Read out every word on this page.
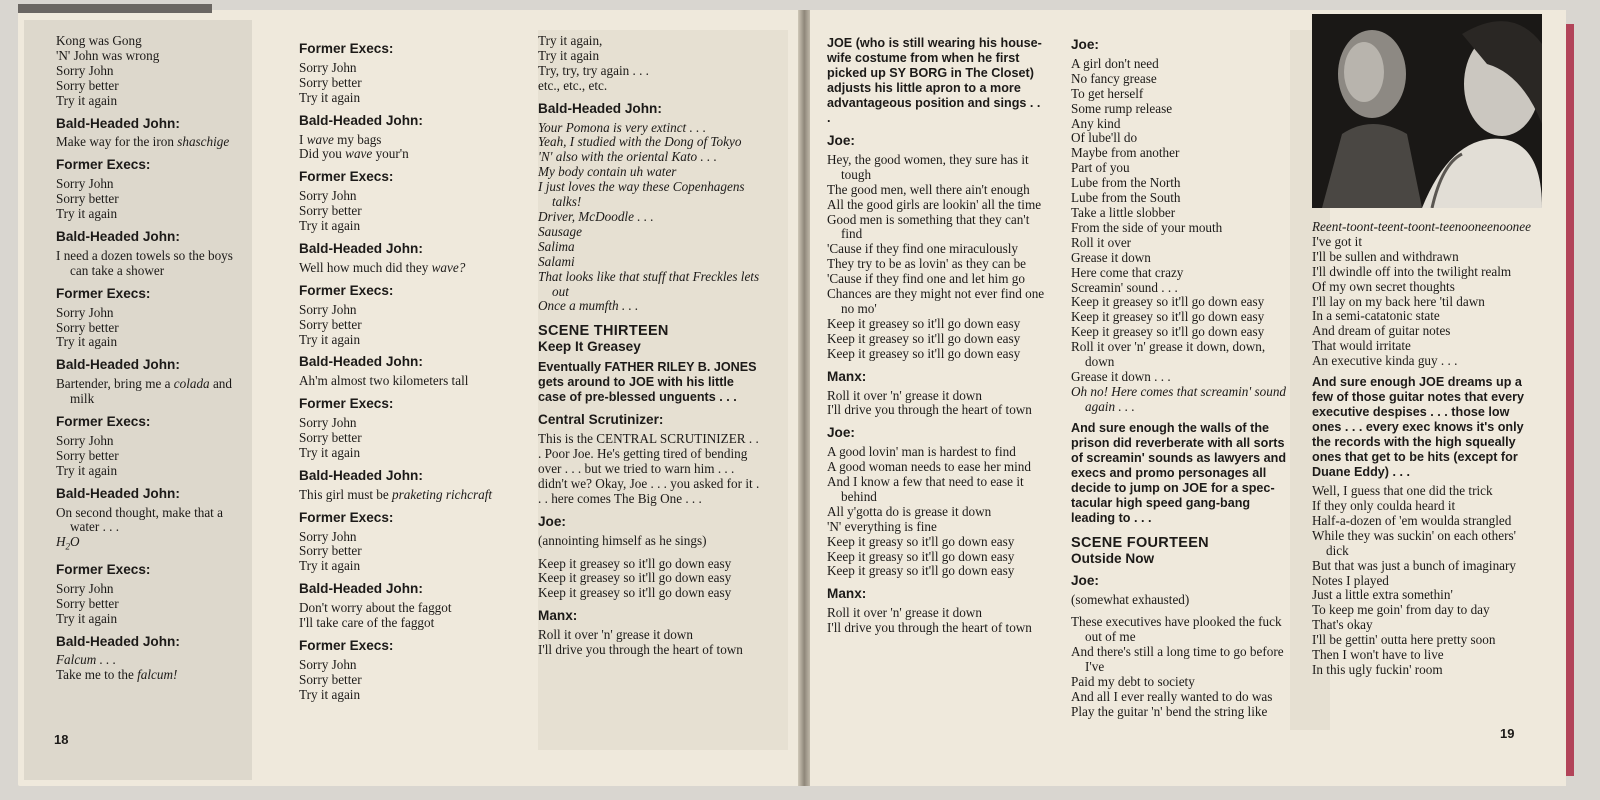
Kong was Gong
'N' John was wrong
Sorry John
Sorry better
Try it again
Bald-Headed John:
Make way for the iron shaschige
Former Execs:
Sorry John
Sorry better
Try it again
Bald-Headed John:
I need a dozen towels so the boys can take a shower
Former Execs:
Sorry John
Sorry better
Try it again
Bald-Headed John:
Bartender, bring me a colada and milk
Former Execs:
Sorry John
Sorry better
Try it again
Bald-Headed John:
On second thought, make that a water . . .
$H_2O$
Former Execs:
Sorry John
Sorry better
Try it again
Bald-Headed John:
Falcum . . .
Take me to the falcum!
Former Execs:
Sorry John
Sorry better
Try it again
Bald-Headed John:
I wave my bags
Did you wave your'n
Former Execs:
Sorry John
Sorry better
Try it again
Bald-Headed John:
Well how much did they wave?
Former Execs:
Sorry John
Sorry better
Try it again
Bald-Headed John:
Ah'm almost two kilometers tall
Former Execs:
Sorry John
Sorry better
Try it again
Bald-Headed John:
This girl must be praketing richcraft
Former Execs:
Sorry John
Sorry better
Try it again
Bald-Headed John:
Don't worry about the faggot
I'll take care of the faggot
Former Execs:
Sorry John
Sorry better
Try it again
Try it again,
Try it again
Try, try, try again . . .
etc., etc., etc.
Bald-Headed John:
Your Pomona is very extinct . . .
Yeah, I studied with the Dong of Tokyo
'N' also with the oriental Kato . . .
My body contain uh water
I just loves the way these Copenhagens talks!
Driver, McDoodle . . .
Sausage
Salima
Salami
That looks like that stuff that Freckles lets out
Once a mumfth . . .
SCENE THIRTEEN
Keep It Greasey
Eventually FATHER RILEY B. JONES gets around to JOE with his little case of pre-blessed unguents . . .
Central Scrutinizer:
This is the CENTRAL SCRUTINIZER . . . Poor Joe. He's getting tired of bending over . . . but we tried to warn him . . . didn't we? Okay, Joe . . . you asked for it . . . here comes The Big One . . .
Joe:
(annointing himself as he sings)
Keep it greasey so it'll go down easy
Keep it greasey so it'll go down easy
Keep it greasey so it'll go down easy
Manx:
Roll it over 'n' grease it down
I'll drive you through the heart of town
JOE (who is still wearing his house-wife costume from when he first picked up SY BORG in The Closet) adjusts his little apron to a more advantageous position and sings . . .
Joe:
Hey, the good women, they sure has it tough
The good men, well there ain't enough
All the good girls are lookin' all the time
Good men is something that they can't find
'Cause if they find one miraculously
They try to be as lovin' as they can be
'Cause if they find one and let him go
Chances are they might not ever find one no mo'
Keep it greasey so it'll go down easy
Keep it greasey so it'll go down easy
Keep it greasey so it'll go down easy
Manx:
Roll it over 'n' grease it down
I'll drive you through the heart of town
Joe:
A good lovin' man is hardest to find
A good woman needs to ease her mind
And I know a few that need to ease it behind
All y'gotta do is grease it down
'N' everything is fine
Keep it greasy so it'll go down easy
Keep it greasy so it'll go down easy
Keep it greasy so it'll go down easy
Manx:
Roll it over 'n' grease it down
I'll drive you through the heart of town
Joe:
A girl don't need
No fancy grease
To get herself
Some rump release
Any kind
Of lube'll do
Maybe from another
Part of you
Lube from the North
Lube from the South
Take a little slobber
From the side of your mouth
Roll it over
Grease it down
Here come that crazy
Screamin' sound . . .
Keep it greasey so it'll go down easy
Keep it greasey so it'll go down easy
Keep it greasey so it'll go down easy
Roll it over 'n' grease it down, down, down
Grease it down . . .
Oh no! Here comes that screamin' sound again . . .
And sure enough the walls of the prison did reverberate with all sorts of screamin' sounds as lawyers and execs and promo personages all decide to jump on JOE for a spec-tacular high speed gang-bang leading to . . .
SCENE FOURTEEN
Outside Now
Joe:
(somewhat exhausted)
These executives have plooked the fuck out of me
And there's still a long time to go before I've
Paid my debt to society
And all I ever really wanted to do was
Play the guitar 'n' bend the string like
Reent-toont-teent-toont-teenooneenoonee
I've got it
I'll be sullen and withdrawn
I'll dwindle off into the twilight realm
Of my own secret thoughts
I'll lay on my back here 'til dawn
In a semi-catatonic state
And dream of guitar notes
That would irritate
An executive kinda guy . . .
And sure enough JOE dreams up a few of those guitar notes that every executive despises . . . those low ones . . . every exec knows it's only the records with the high squeally ones that get to be hits (except for Duane Eddy) . . .
Well, I guess that one did the trick
If they only coulda heard it
Half-a-dozen of 'em woulda strangled
While they was suckin' on each others' dick
But that was just a bunch of imaginary
Notes I played
Just a little extra somethin'
To keep me goin' from day to day
That's okay
I'll be gettin' outta here pretty soon
Then I won't have to live
In this ugly fuckin' room
18	19
